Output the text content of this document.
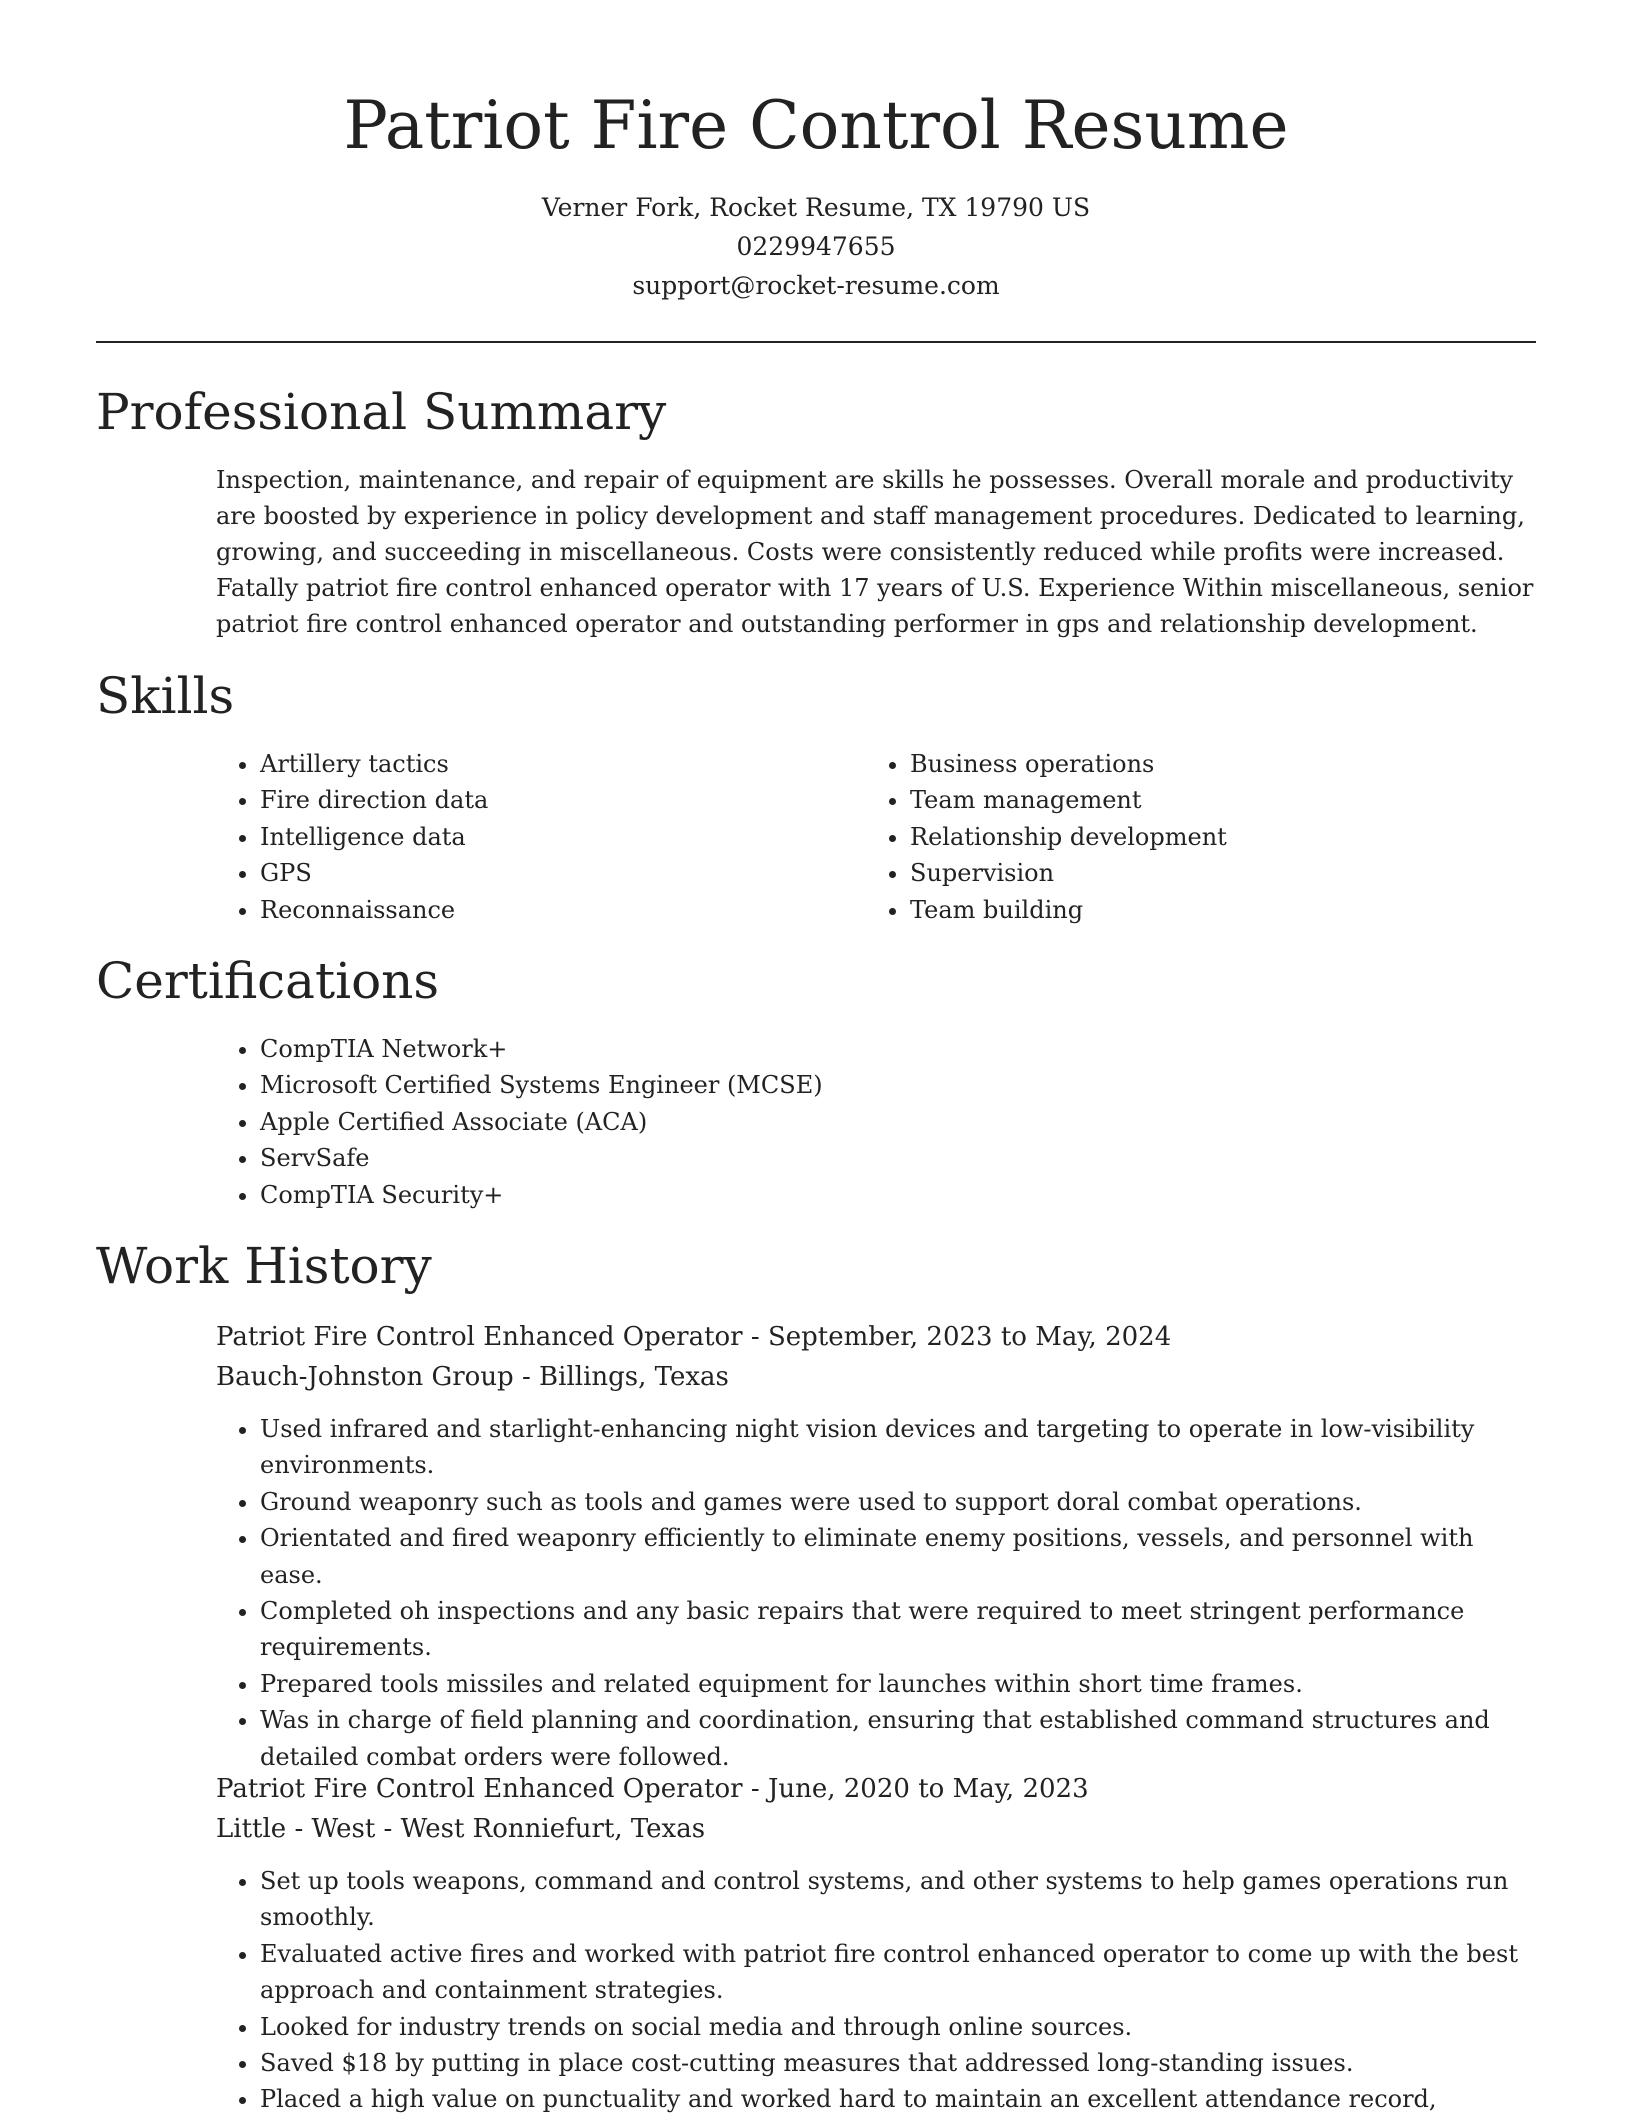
Patriot Fire Control Resume
Verner Fork, Rocket Resume, TX 19790 US
0229947655
support@rocket-resume.com
Professional Summary

Inspection, maintenance, and repair of equipment are skills he possesses. Overall morale and productivity are boosted by experience in policy development and staff management procedures. Dedicated to learning, growing, and succeeding in miscellaneous. Costs were consistently reduced while profits were increased. Fatally patriot fire control enhanced operator with 17 years of U.S. Experience Within miscellaneous, senior patriot fire control enhanced operator and outstanding performer in gps and relationship development.

Skills
• Artillery tactics
• Fire direction data
• Intelligence data
• GPS
• Reconnaissance
• Business operations
• Team management
• Relationship development
• Supervision
• Team building
Certifications
• CompTIA Network+
• Microsoft Certified Systems Engineer (MCSE)
• Apple Certified Associate (ACA)
• ServSafe
• CompTIA Security+
Work History
Patriot Fire Control Enhanced Operator - September, 2023 to May, 2024
Bauch-Johnston Group - Billings, Texas
• Used infrared and starlight-enhancing night vision devices and targeting to operate in low-visibility environments.
• Ground weaponry such as tools and games were used to support doral combat operations.
• Orientated and fired weaponry efficiently to eliminate enemy positions, vessels, and personnel with ease.
• Completed oh inspections and any basic repairs that were required to meet stringent performance requirements.
• Prepared tools missiles and related equipment for launches within short time frames.
• Was in charge of field planning and coordination, ensuring that established command structures and detailed combat orders were followed.
Patriot Fire Control Enhanced Operator - June, 2020 to May, 2023
Little - West - West Ronniefurt, Texas
• Set up tools weapons, command and control systems, and other systems to help games operations run smoothly.
• Evaluated active fires and worked with patriot fire control enhanced operator to come up with the best approach and containment strategies.
• Looked for industry trends on social media and through online sources.
• Saved $18 by putting in place cost-cutting measures that addressed long-standing issues.
• Placed a high value on punctuality and worked hard to maintain an excellent attendance record,
